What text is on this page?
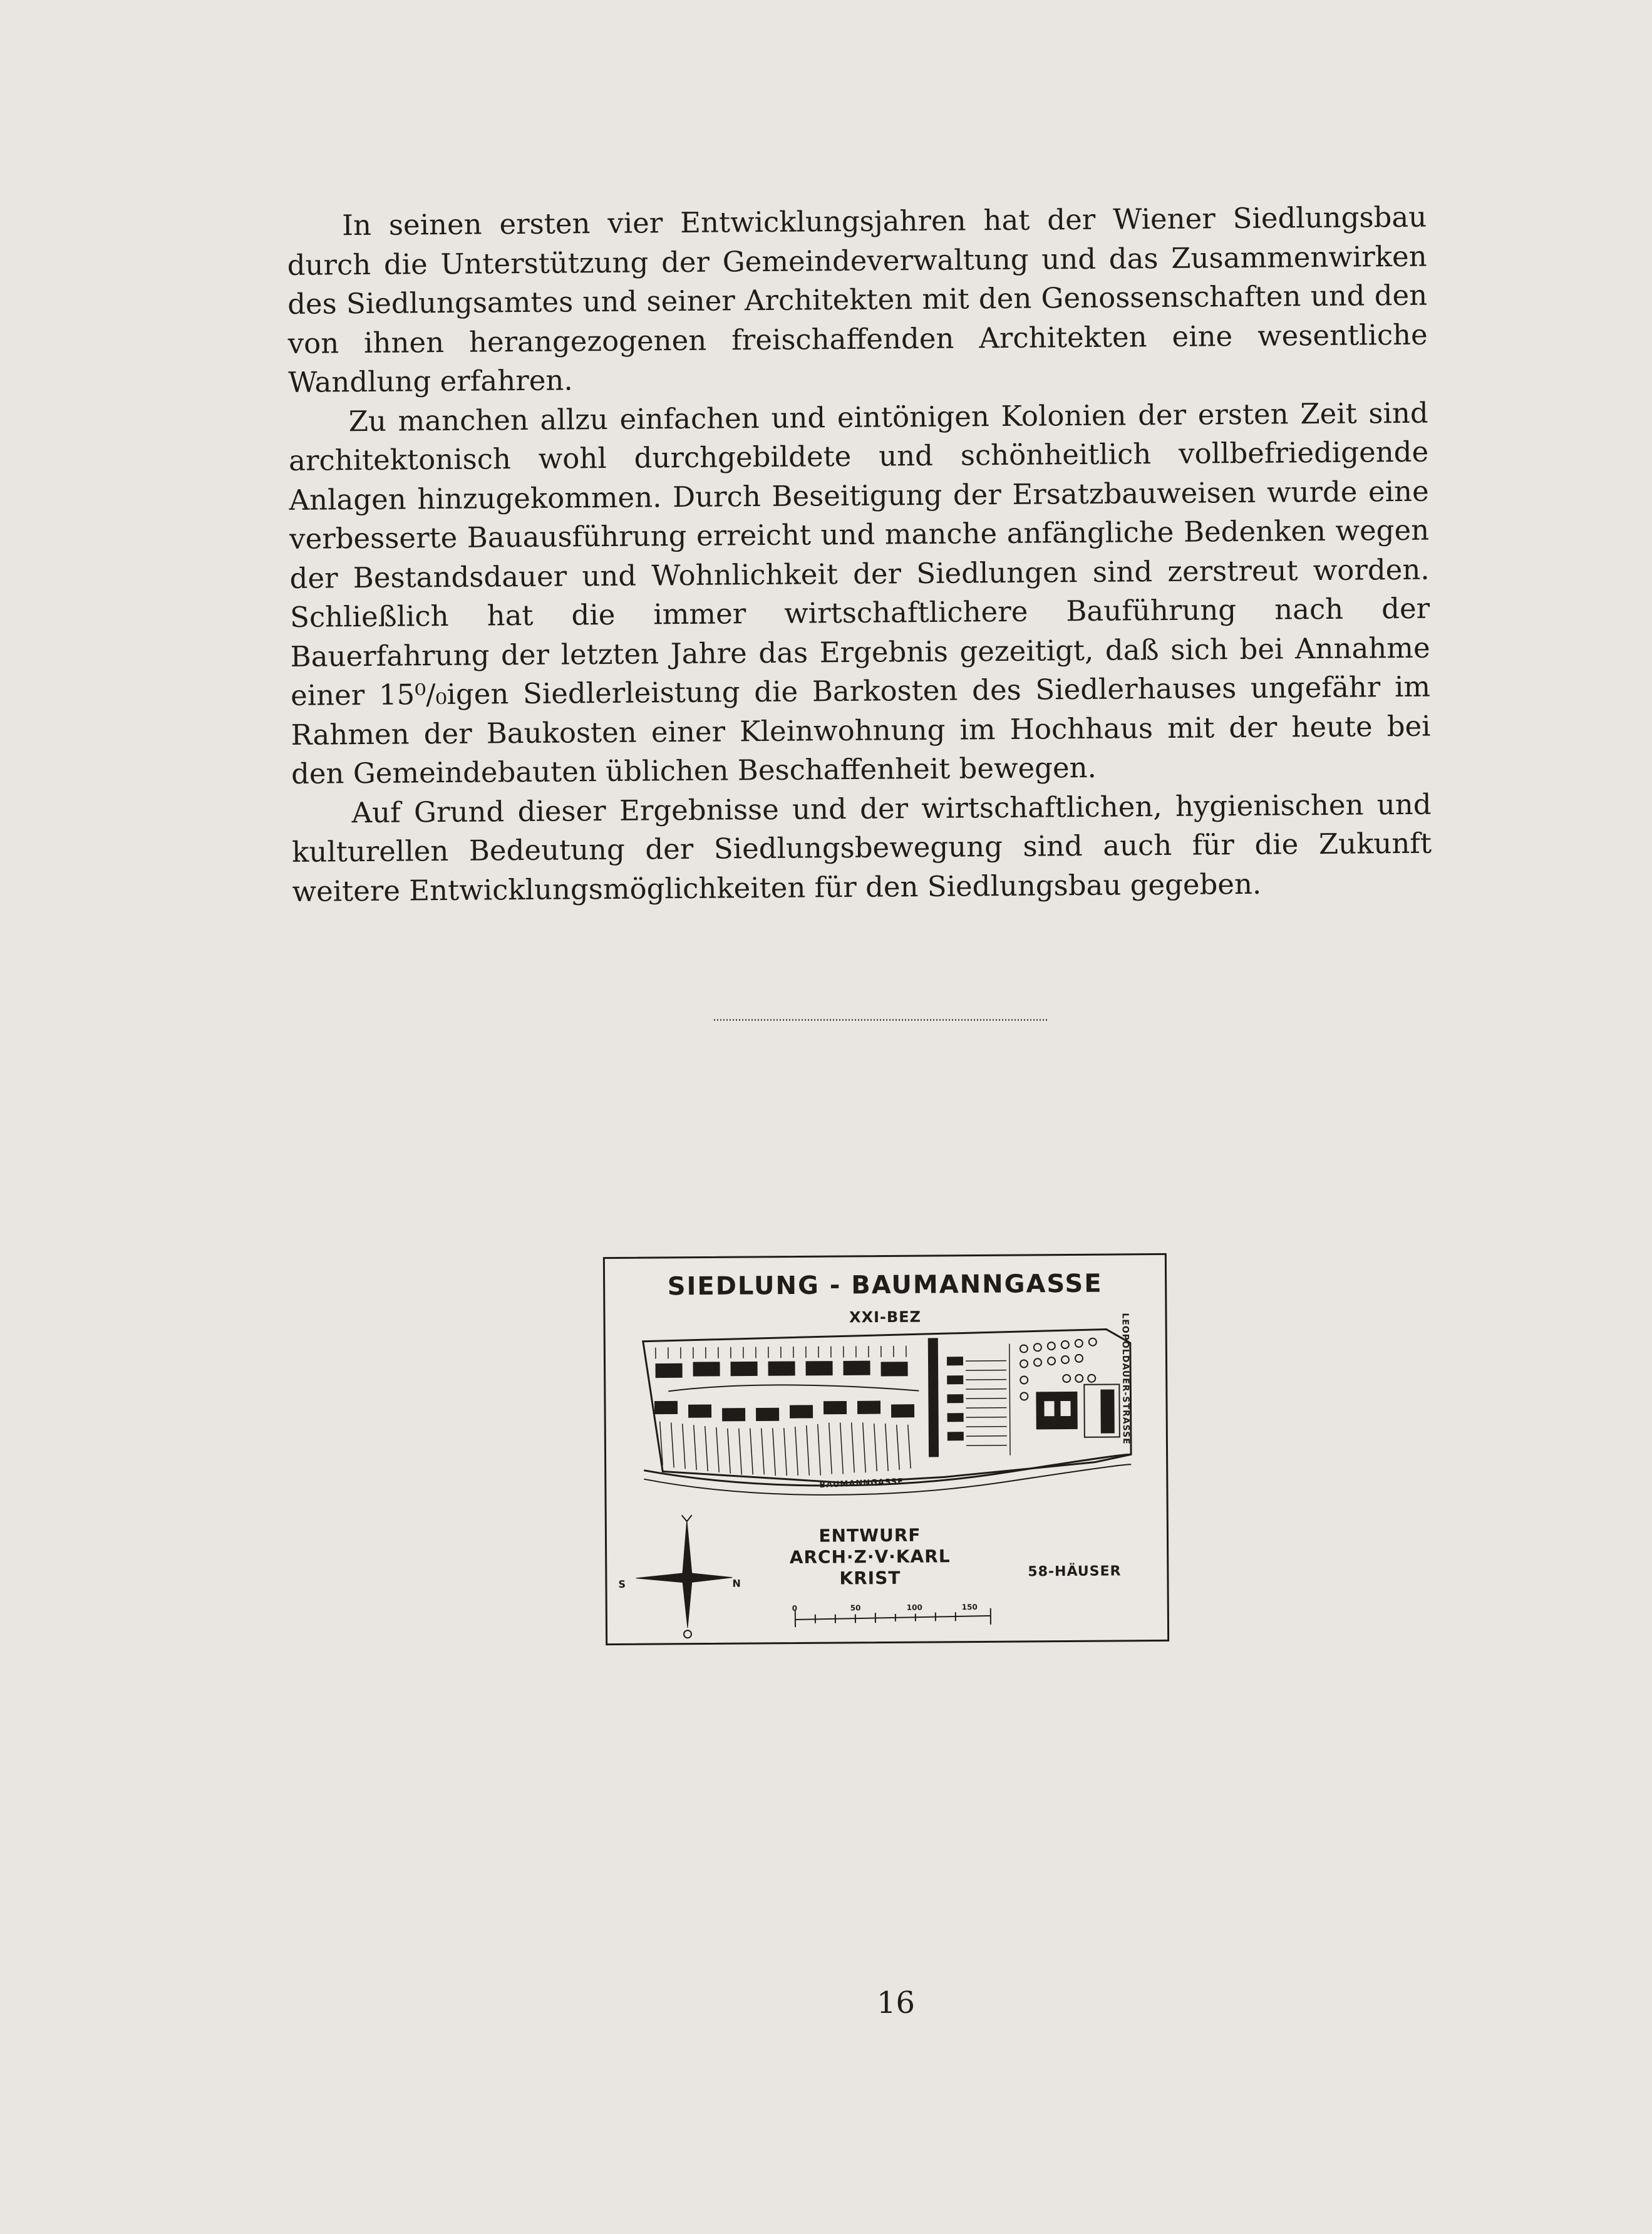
In seinen ersten vier Entwicklungsjahren hat der Wiener Siedlungsbau durch die Unterstützung der Gemeindeverwaltung und das Zusammenwirken des Siedlungsamtes und seiner Architekten mit den Genossenschaften und den von ihnen herangezogenen freischaffenden Architekten eine wesentliche Wandlung erfahren.

Zu manchen allzu einfachen und eintönigen Kolonien der ersten Zeit sind architektonisch wohl durchgebildete und schönheitlich vollbefriedigende Anlagen hinzugekommen. Durch Beseitigung der Ersatzbauweisen wurde eine verbesserte Bauausführung erreicht und manche anfängliche Bedenken wegen der Bestandsdauer und Wohnlichkeit der Siedlungen sind zerstreut worden. Schließlich hat die immer wirtschaftlichere Bauführung nach der Bauerfahrung der letzten Jahre das Ergebnis gezeitigt, daß sich bei Annahme einer 15⁰/₀igen Siedlerleistung die Barkosten des Siedlerhauses ungefähr im Rahmen der Baukosten einer Kleinwohnung im Hochhaus mit der heute bei den Gemeindebauten üblichen Beschaffenheit bewegen.

Auf Grund dieser Ergebnisse und der wirtschaftlichen, hygienischen und kulturellen Bedeutung der Siedlungsbewegung sind auch für die Zukunft weitere Entwicklungsmöglichkeiten für den Siedlungsbau gegeben.

SIEDLUNG - BAUMANNGASSE
XXI-BEZ	LEOPOLDAUER-STRASSE
BAUMANNGASSE
ENTWURF
ARCH·Z·V·KARL
KRIST	58-HÄUSER
S	N
0	50	100	150
16
